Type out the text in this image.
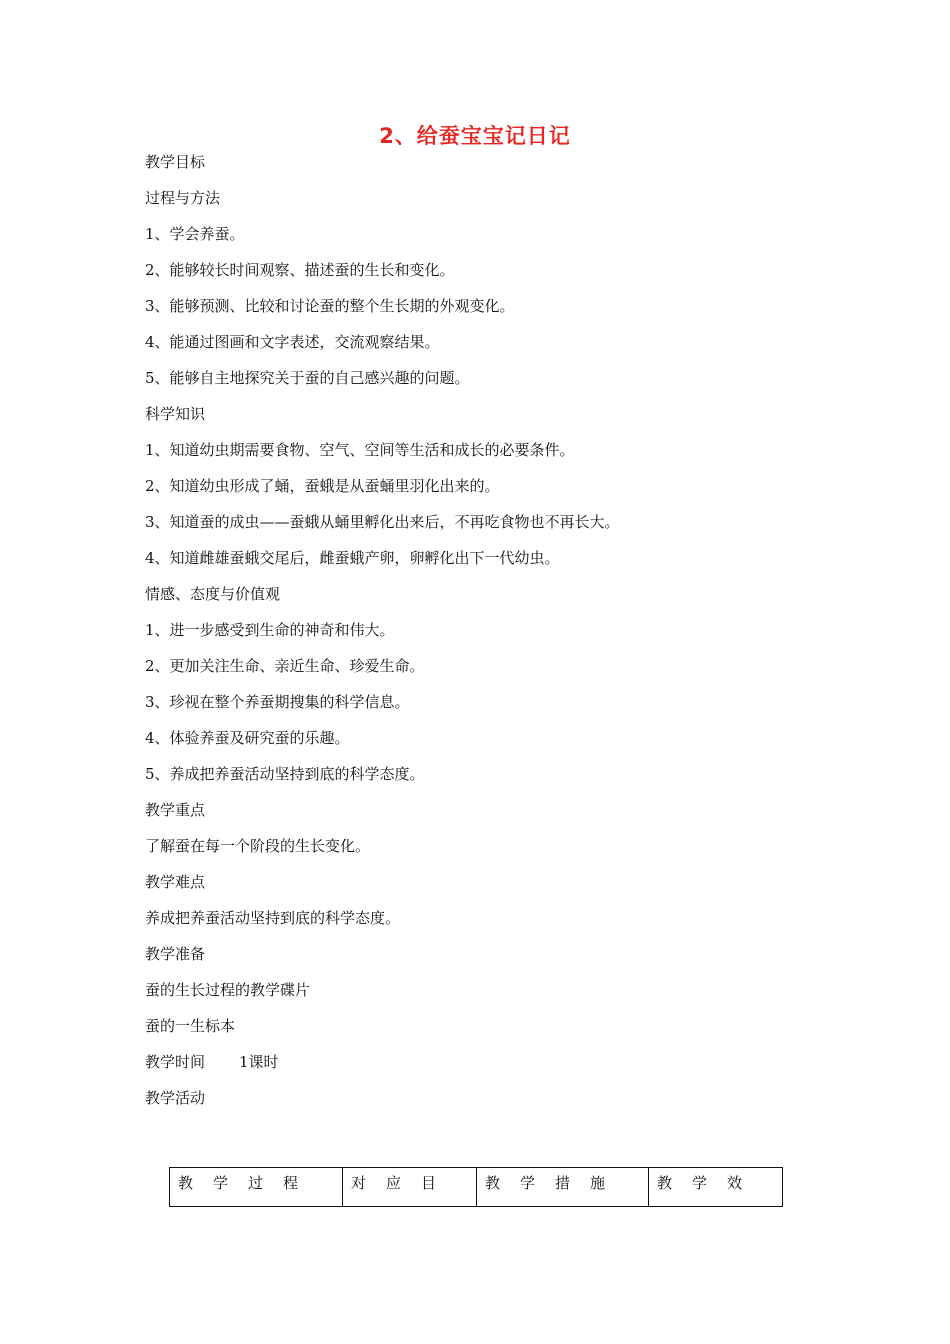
2、给蚕宝宝记日记
教学目标
过程与方法
1、学会养蚕。
2、能够较长时间观察、描述蚕的生长和变化。
3、能够预测、比较和讨论蚕的整个生长期的外观变化。
4、能通过图画和文字表述，交流观察结果。
5、能够自主地探究关于蚕的自己感兴趣的问题。
科学知识
1、知道幼虫期需要食物、空气、空间等生活和成长的必要条件。
2、知道幼虫形成了蛹，蚕蛾是从蚕蛹里羽化出来的。
3、知道蚕的成虫——蚕蛾从蛹里孵化出来后，不再吃食物也不再长大。
4、知道雌雄蚕蛾交尾后，雌蚕蛾产卵，卵孵化出下一代幼虫。
情感、态度与价值观
1、进一步感受到生命的神奇和伟大。
2、更加关注生命、亲近生命、珍爱生命。
3、珍视在整个养蚕期搜集的科学信息。
4、体验养蚕及研究蚕的乐趣。
5、养成把养蚕活动坚持到底的科学态度。
教学重点
了解蚕在每一个阶段的生长变化。
教学难点
养成把养蚕活动坚持到底的科学态度。
教学准备
蚕的生长过程的教学碟片
蚕的一生标本
教学时间 1课时
教学活动
教学过程	对应目	教学措施	教学效
